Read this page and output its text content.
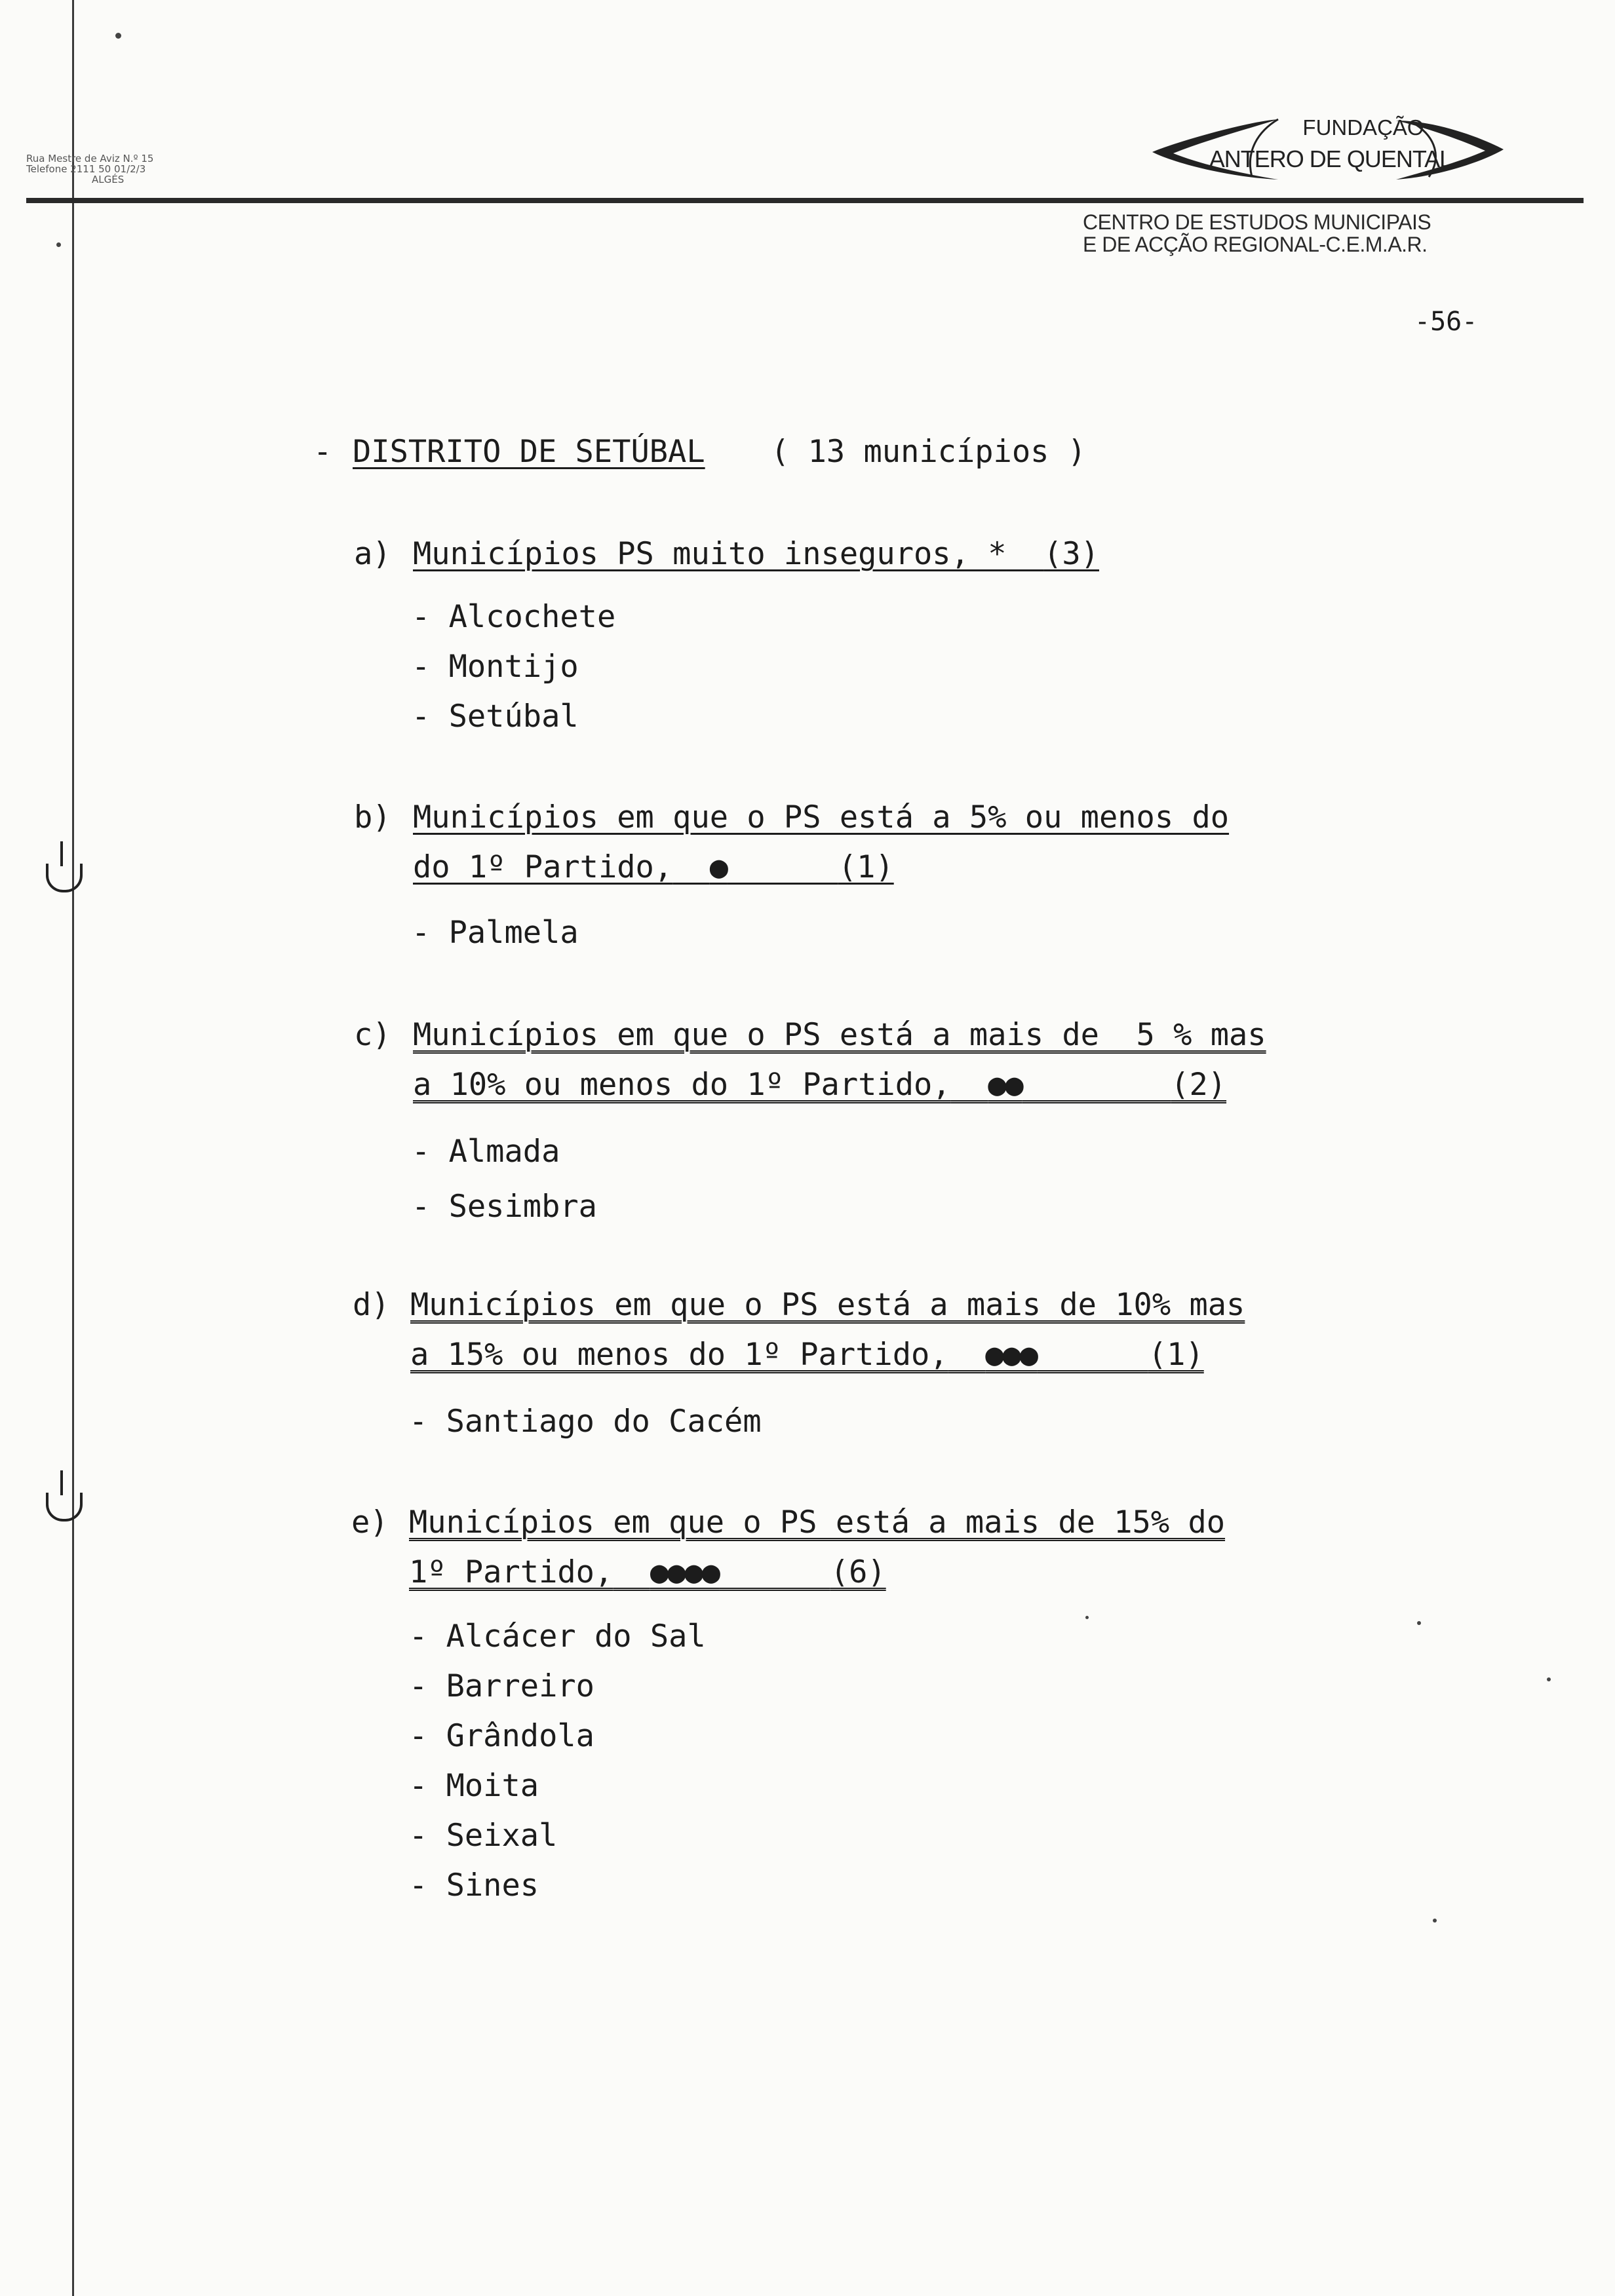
Rua Mestre de Aviz N.º 15
Telefone 2111 50 01/2/3
ALGÉS
FUNDAÇÃO
ANTERO DE QUENTAL
CENTRO DE ESTUDOS MUNICIPAIS
E DE ACÇÃO REGIONAL-C.E.M.A.R.
-56-
- DISTRITO DE SETÚBAL ( 13 municípios )
a) Municípios PS muito inseguros, * (3)
- Alcochete
- Montijo
- Setúbal
b) Municípios em que o PS está a 5% ou menos do
do 1º Partido, ●	(1)
- Palmela
c) Municípios em que o PS está a mais de  5 % mas
a 10% ou menos do 1º Partido, ●●	(2)
- Almada
- Sesimbra
d) Municípios em que o PS está a mais de 10% mas
a 15% ou menos do 1º Partido, ●●●	(1)
- Santiago do Cacém
e) Municípios em que o PS está a mais de 15% do
1º Partido, ●●●●	(6)
- Alcácer do Sal
- Barreiro
- Grândola
- Moita
- Seixal
- Sines
